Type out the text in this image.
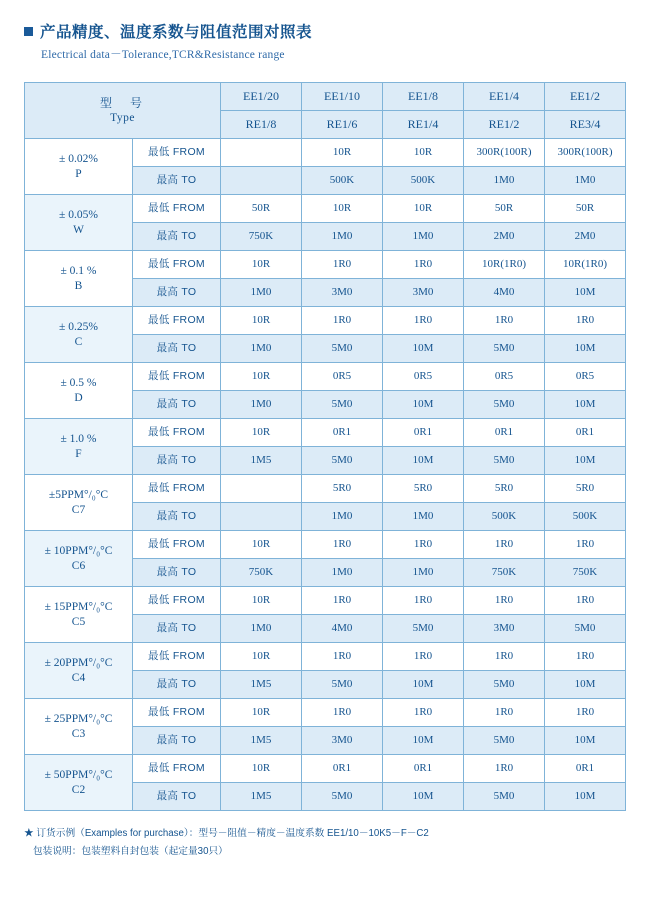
产品精度、温度系数与阻值范围对照表
Electrical data－Tolerance,TCR&Resistance range
型　号
Type		EE1/20	EE1/10	EE1/8	EE1/4	EE1/2
		RE1/8	RE1/6	RE1/4	RE1/2	RE3/4
± 0.02%
P	最低 FROM		10R	10R	300R(100R)	300R(100R)
	最高 TO		500K	500K	1M0	1M0
± 0.05%
W	最低 FROM	50R	10R	10R	50R	50R
	最高 TO	750K	1M0	1M0	2M0	2M0
± 0.1 %
B	最低 FROM	10R	1R0	1R0	10R(1R0)	10R(1R0)
	最高 TO	1M0	3M0	3M0	4M0	10M
± 0.25%
C	最低 FROM	10R	1R0	1R0	1R0	1R0
	最高 TO	1M0	5M0	10M	5M0	10M
± 0.5 %
D	最低 FROM	10R	0R5	0R5	0R5	0R5
	最高 TO	1M0	5M0	10M	5M0	10M
± 1.0 %
F	最低 FROM	10R	0R1	0R1	0R1	0R1
	最高 TO	1M5	5M0	10M	5M0	10M
±5PPM°/₀°C
C7	最低 FROM		5R0	5R0	5R0	5R0
	最高 TO		1M0	1M0	500K	500K
± 10PPM°/₀°C
C6	最低 FROM	10R	1R0	1R0	1R0	1R0
	最高 TO	750K	1M0	1M0	750K	750K
± 15PPM°/₀°C
C5	最低 FROM	10R	1R0	1R0	1R0	1R0
	最高 TO	1M0	4M0	5M0	3M0	5M0
± 20PPM°/₀°C
C4	最低 FROM	10R	1R0	1R0	1R0	1R0
	最高 TO	1M5	5M0	10M	5M0	10M
± 25PPM°/₀°C
C3	最低 FROM	10R	1R0	1R0	1R0	1R0
	最高 TO	1M5	3M0	10M	5M0	10M
± 50PPM°/₀°C
C2	最低 FROM	10R	0R1	0R1	1R0	0R1
	最高 TO	1M5	5M0	10M	5M0	10M
★ 订货示例（Examples for purchase）：型号－阻值－精度－温度系数 EE1/10－10K5－F－C2
包装说明：包装塑料自封包装（起定量30只）
